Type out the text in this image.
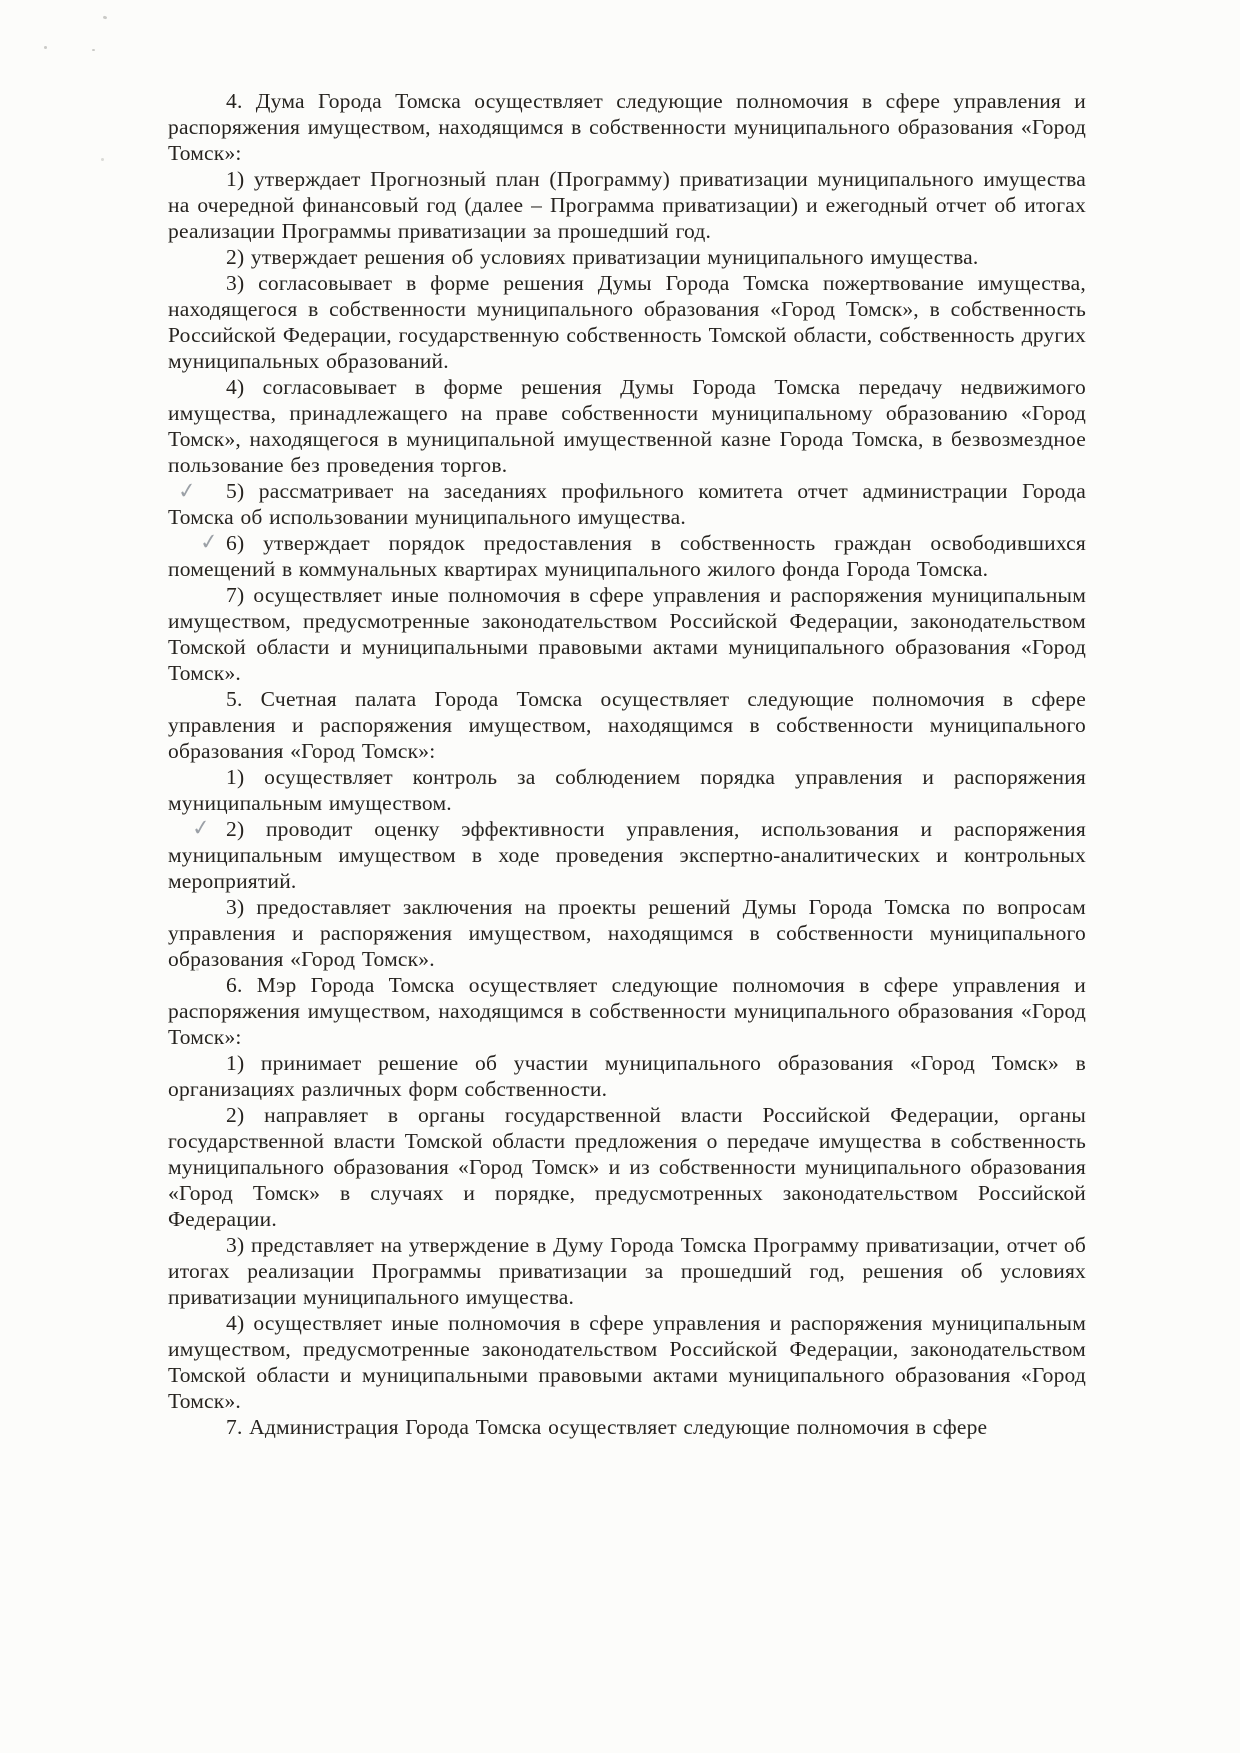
4. Дума Города Томска осуществляет следующие полномочия в сфере управления и распоряжения имуществом, находящимся в собственности муниципального образования «Город Томск»:

1) утверждает Прогнозный план (Программу) приватизации муниципального имущества на очередной финансовый год (далее – Программа приватизации) и ежегодный отчет об итогах реализации Программы приватизации за прошедший год.

2) утверждает решения об условиях приватизации муниципального имущества.

3) согласовывает в форме решения Думы Города Томска пожертвование имущества, находящегося в собственности муниципального образования «Город Томск», в собственность Российской Федерации, государственную собственность Томской области, собственность других муниципальных образований.

4) согласовывает в форме решения Думы Города Томска передачу недвижимого имущества, принадлежащего на праве собственности муниципальному образованию «Город Томск», находящегося в муниципальной имущественной казне Города Томска, в безвозмездное пользование без проведения торгов.

✓ 5) рассматривает на заседаниях профильного комитета отчет администрации Города Томска об использовании муниципального имущества.

✓ 6) утверждает порядок предоставления в собственность граждан освободившихся помещений в коммунальных квартирах муниципального жилого фонда Города Томска.

7) осуществляет иные полномочия в сфере управления и распоряжения муниципальным имуществом, предусмотренные законодательством Российской Федерации, законодательством Томской области и муниципальными правовыми актами муниципального образования «Город Томск».

5. Счетная палата Города Томска осуществляет следующие полномочия в сфере управления и распоряжения имуществом, находящимся в собственности муниципального образования «Город Томск»:

1) осуществляет контроль за соблюдением порядка управления и распоряжения муниципальным имуществом.

✓ 2) проводит оценку эффективности управления, использования и распоряжения муниципальным имуществом в ходе проведения экспертно-аналитических и контрольных мероприятий.

3) предоставляет заключения на проекты решений Думы Города Томска по вопросам управления и распоряжения имуществом, находящимся в собственности муниципального образования «Город Томск».

6. Мэр Города Томска осуществляет следующие полномочия в сфере управления и распоряжения имуществом, находящимся в собственности муниципального образования «Город Томск»:

1) принимает решение об участии муниципального образования «Город Томск» в организациях различных форм собственности.

2) направляет в органы государственной власти Российской Федерации, органы государственной власти Томской области предложения о передаче имущества в собственность муниципального образования «Город Томск» и из собственности муниципального образования «Город Томск» в случаях и порядке, предусмотренных законодательством Российской Федерации.

3) представляет на утверждение в Думу Города Томска Программу приватизации, отчет об итогах реализации Программы приватизации за прошедший год, решения об условиях приватизации муниципального имущества.

4) осуществляет иные полномочия в сфере управления и распоряжения муниципальным имуществом, предусмотренные законодательством Российской Федерации, законодательством Томской области и муниципальными правовыми актами муниципального образования «Город Томск».

7. Администрация Города Томска осуществляет следующие полномочия в сфере
